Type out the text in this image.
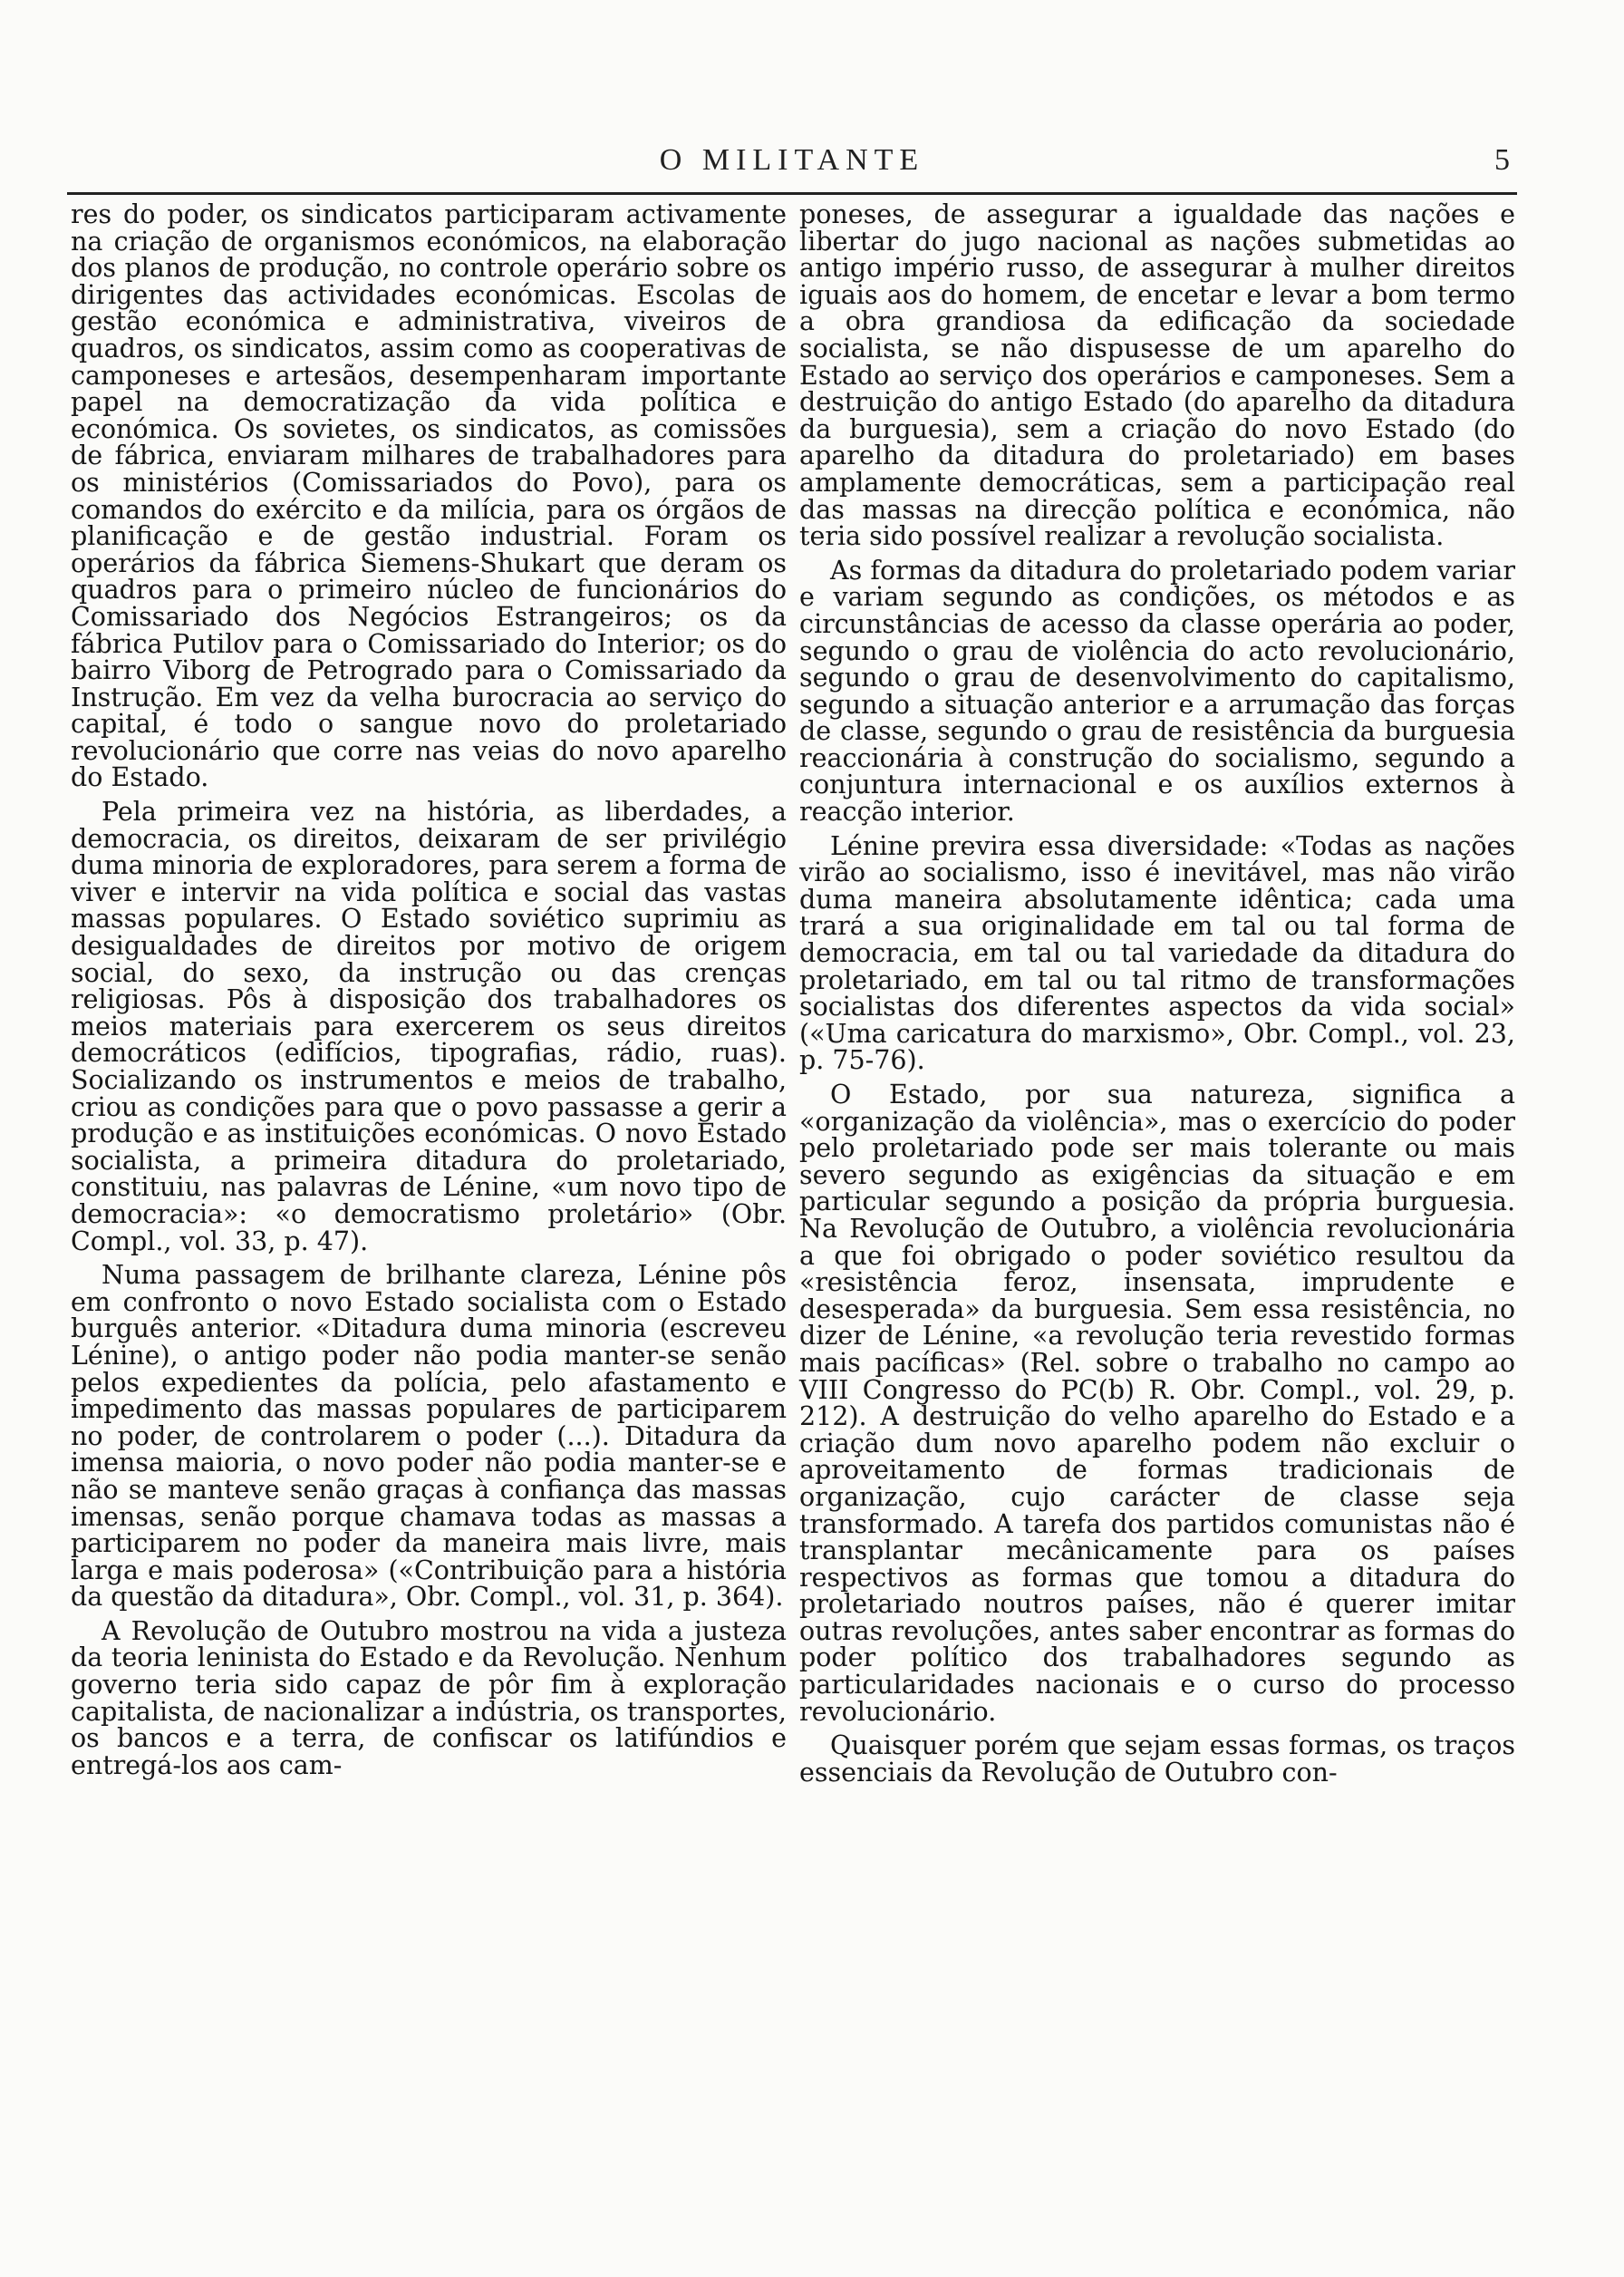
O MILITANTE	5

res do poder, os sindicatos participaram activamente na criação de organismos económicos, na elaboração dos planos de produção, no controle operário sobre os dirigentes das actividades económicas. Escolas de gestão económica e administrativa, viveiros de quadros, os sindicatos, assim como as cooperativas de camponeses e artesãos, desempenharam importante papel na democratização da vida política e económica. Os sovietes, os sindicatos, as comissões de fábrica, enviaram milhares de trabalhadores para os ministérios (Comissariados do Povo), para os comandos do exército e da milícia, para os órgãos de planificação e de gestão industrial. Foram os operários da fábrica Siemens-Shukart que deram os quadros para o primeiro núcleo de funcionários do Comissariado dos Negócios Estrangeiros; os da fábrica Putilov para o Comissariado do Interior; os do bairro Viborg de Petrogrado para o Comissariado da Instrução. Em vez da velha burocracia ao serviço do capital, é todo o sangue novo do proletariado revolucionário que corre nas veias do novo aparelho do Estado.

Pela primeira vez na história, as liberdades, a democracia, os direitos, deixaram de ser privilégio duma minoria de exploradores, para serem a forma de viver e intervir na vida política e social das vastas massas populares. O Estado soviético suprimiu as desigualdades de direitos por motivo de origem social, do sexo, da instrução ou das crenças religiosas. Pôs à disposição dos trabalhadores os meios materiais para exercerem os seus direitos democráticos (edifícios, tipografias, rádio, ruas). Socializando os instrumentos e meios de trabalho, criou as condições para que o povo passasse a gerir a produção e as instituições económicas. O novo Estado socialista, a primeira ditadura do proletariado, constituiu, nas palavras de Lénine, «um novo tipo de democracia»: «o democratismo proletário» (Obr. Compl., vol. 33, p. 47).

Numa passagem de brilhante clareza, Lénine pôs em confronto o novo Estado socialista com o Estado burguês anterior. «Ditadura duma minoria (escreveu Lénine), o antigo poder não podia manter-se senão pelos expedientes da polícia, pelo afastamento e impedimento das massas populares de participarem no poder, de controlarem o poder (...). Ditadura da imensa maioria, o novo poder não podia manter-se e não se manteve senão graças à confiança das massas imensas, senão porque chamava todas as massas a participarem no poder da maneira mais livre, mais larga e mais poderosa» («Contribuição para a história da questão da ditadura», Obr. Compl., vol. 31, p. 364).

A Revolução de Outubro mostrou na vida a justeza da teoria leninista do Estado e da Revolução. Nenhum governo teria sido capaz de pôr fim à exploração capitalista, de nacionalizar a indústria, os transportes, os bancos e a terra, de confiscar os latifúndios e entregá-los aos cam-

poneses, de assegurar a igualdade das nações e libertar do jugo nacional as nações submetidas ao antigo império russo, de assegurar à mulher direitos iguais aos do homem, de encetar e levar a bom termo a obra grandiosa da edificação da sociedade socialista, se não dispusesse de um aparelho do Estado ao serviço dos operários e camponeses. Sem a destruição do antigo Estado (do aparelho da ditadura da burguesia), sem a criação do novo Estado (do aparelho da ditadura do proletariado) em bases amplamente democráticas, sem a participação real das massas na direcção política e económica, não teria sido possível realizar a revolução socialista.

As formas da ditadura do proletariado podem variar e variam segundo as condições, os métodos e as circunstâncias de acesso da classe operária ao poder, segundo o grau de violência do acto revolucionário, segundo o grau de desenvolvimento do capitalismo, segundo a situação anterior e a arrumação das forças de classe, segundo o grau de resistência da burguesia reaccionária à construção do socialismo, segundo a conjuntura internacional e os auxílios externos à reacção interior.

Lénine previra essa diversidade: «Todas as nações virão ao socialismo, isso é inevitável, mas não virão duma maneira absolutamente idêntica; cada uma trará a sua originalidade em tal ou tal forma de democracia, em tal ou tal variedade da ditadura do proletariado, em tal ou tal ritmo de transformações socialistas dos diferentes aspectos da vida social» («Uma caricatura do marxismo», Obr. Compl., vol. 23, p. 75-76).

O Estado, por sua natureza, significa a «organização da violência», mas o exercício do poder pelo proletariado pode ser mais tolerante ou mais severo segundo as exigências da situação e em particular segundo a posição da própria burguesia. Na Revolução de Outubro, a violência revolucionária a que foi obrigado o poder soviético resultou da «resistência feroz, insensata, imprudente e desesperada» da burguesia. Sem essa resistência, no dizer de Lénine, «a revolução teria revestido formas mais pacíficas» (Rel. sobre o trabalho no campo ao VIII Congresso do PC(b) R. Obr. Compl., vol. 29, p. 212). A destruição do velho aparelho do Estado e a criação dum novo aparelho podem não excluir o aproveitamento de formas tradicionais de organização, cujo carácter de classe seja transformado. A tarefa dos partidos comunistas não é transplantar mecânicamente para os países respectivos as formas que tomou a ditadura do proletariado noutros países, não é querer imitar outras revoluções, antes saber encontrar as formas do poder político dos trabalhadores segundo as particularidades nacionais e o curso do processo revolucionário.

Quaisquer porém que sejam essas formas, os traços essenciais da Revolução de Outubro con-
